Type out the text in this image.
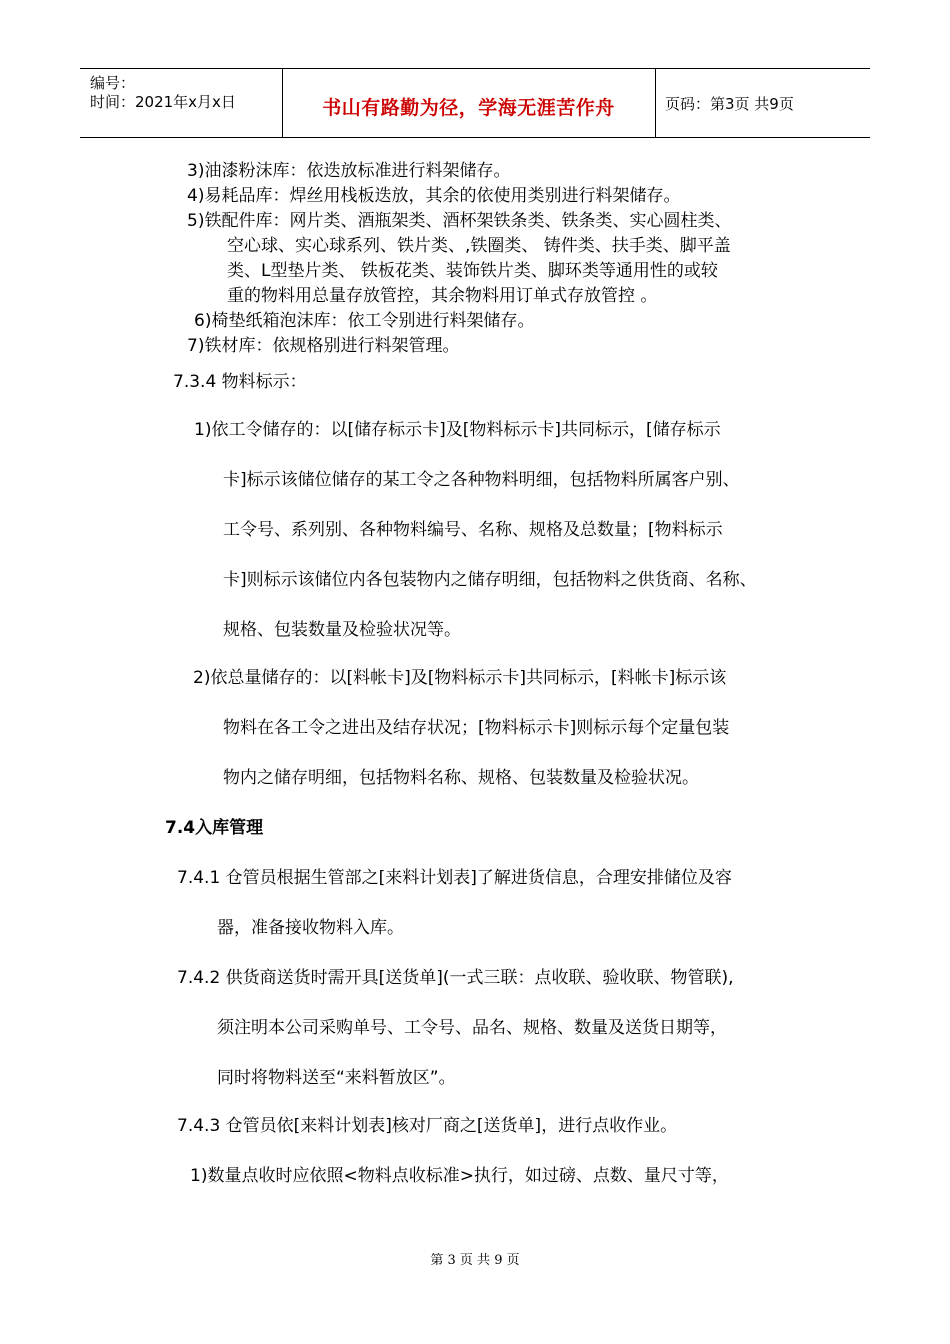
编号：
时间：2021年x月x日	书山有路勤为径，学海无涯苦作舟	页码：第3页 共9页
3)油漆粉沫库：依迭放标准进行料架储存。
4)易耗品库：焊丝用栈板迭放，其余的依使用类别进行料架储存。
5)铁配件库：网片类、酒瓶架类、酒杯架铁条类、铁条类、实心圆柱类、
空心球、实心球系列、铁片类、,铁圈类、 铸件类、扶手类、脚平盖
类、L型垫片类、 铁板花类、装饰铁片类、脚环类等通用性的或较
重的物料用总量存放管控，其余物料用订单式存放管控 。
6)椅垫纸箱泡沫库：依工令别进行料架储存。
7)铁材库：依规格别进行料架管理。
7.3.4 物料标示：
1)依工令储存的：以[储存标示卡]及[物料标示卡]共同标示，[储存标示
卡]标示该储位储存的某工令之各种物料明细，包括物料所属客户别、
工令号、系列别、各种物料编号、名称、规格及总数量；[物料标示
卡]则标示该储位内各包装物内之储存明细，包括物料之供货商、名称、
规格、包装数量及检验状况等。
2)依总量储存的：以[料帐卡]及[物料标示卡]共同标示，[料帐卡]标示该
物料在各工令之进出及结存状况；[物料标示卡]则标示每个定量包装
物内之储存明细，包括物料名称、规格、包装数量及检验状况。
7.4入库管理
7.4.1 仓管员根据生管部之[来料计划表]了解进货信息，合理安排储位及容
器，准备接收物料入库。
7.4.2 供货商送货时需开具[送货单](一式三联：点收联、验收联、物管联),
须注明本公司采购单号、工令号、品名、规格、数量及送货日期等，
同时将物料送至“来料暂放区”。
7.4.3 仓管员依[来料计划表]核对厂商之[送货单]，进行点收作业。
1)数量点收时应依照<物料点收标准>执行，如过磅、点数、量尺寸等，
第 3 页 共 9 页
